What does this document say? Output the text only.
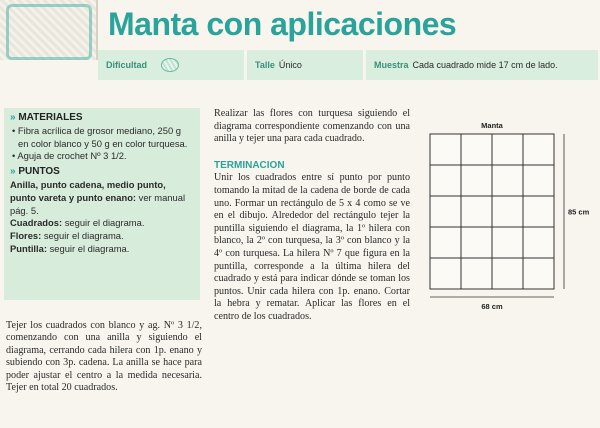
Manta con aplicaciones
Dificultad	Talle Único	Muestra Cada cuadrado mide 17 cm de lado.
» MATERIALES
• Fibra acrílica de grosor mediano, 250 g en color blanco y 50 g en color turquesa.
• Aguja de crochet Nº 3 1/2.
» PUNTOS

Anilla, punto cadena, medio punto, punto vareta y punto enano: ver manual pág. 5.

Cuadrados: seguir el diagrama.

Flores: seguir el diagrama.

Puntilla: seguir el diagrama.

Tejer los cuadrados con blanco y ag. Nº 3 1/2, comenzando con una anilla y siguiendo el diagrama, cerrando cada hilera con 1p. enano y subiendo con 3p. cadena. La anilla se hace para poder ajustar el centro a la medida necesaria. Tejer en total 20 cuadrados.

Realizar las flores con turquesa siguiendo el diagrama correspondiente comenzando con una anilla y tejer una para cada cuadrado.

TERMINACION

Unir los cuadrados entre sí punto por punto tomando la mitad de la cadena de borde de cada uno. Formar un rectángulo de 5 x 4 como se ve en el dibujo. Alrededor del rectángulo tejer la puntilla siguiendo el diagrama, la 1º hilera con blanco, la 2º con turquesa, la 3º con blanco y la 4º con turquesa. La hilera Nº 7 que figura en la puntilla, corresponde a la última hilera del cuadrado y está para indicar dónde se toman los puntos. Unir cada hilera con 1p. enano. Cortar la hebra y rematar. Aplicar las flores en el centro de los cuadrados.

Manta
85 cm
68 cm
